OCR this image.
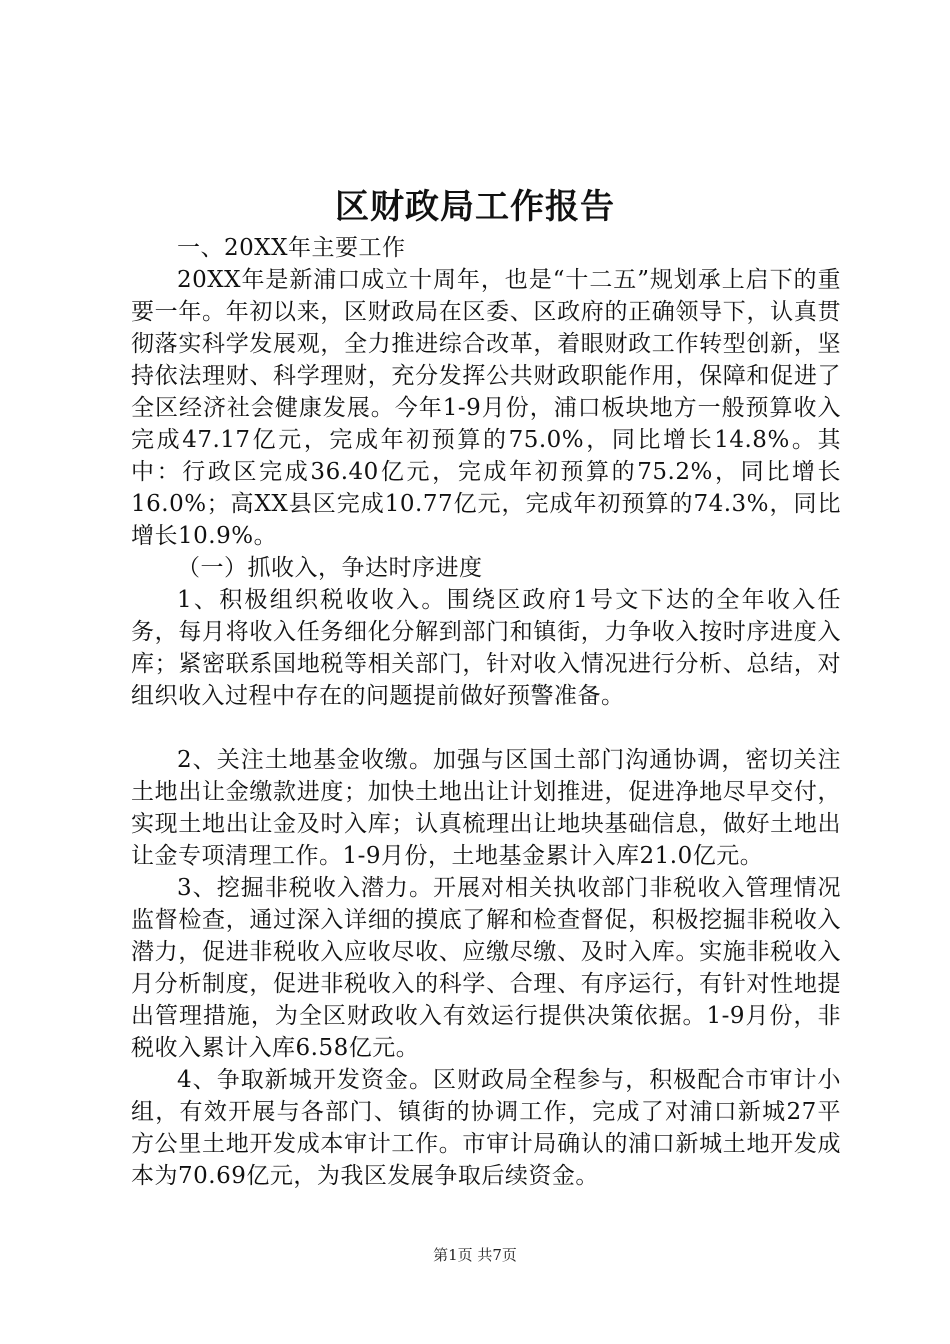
区财政局工作报告

一、20XX年主要工作

20XX年是新浦口成立十周年，也是“十二五”规划承上启下的重要一年。年初以来，区财政局在区委、区政府的正确领导下，认真贯彻落实科学发展观，全力推进综合改革，着眼财政工作转型创新，坚持依法理财、科学理财，充分发挥公共财政职能作用，保障和促进了全区经济社会健康发展。今年1-9月份，浦口板块地方一般预算收入完成47.17亿元，完成年初预算的75.0%，同比增长14.8%。其中：行政区完成36.40亿元，完成年初预算的75.2%，同比增长16.0%；高XX县区完成10.77亿元，完成年初预算的74.3%，同比增长10.9%。

（一）抓收入，争达时序进度

1、积极组织税收收入。围绕区政府1号文下达的全年收入任务，每月将收入任务细化分解到部门和镇街，力争收入按时序进度入库；紧密联系国地税等相关部门，针对收入情况进行分析、总结，对组织收入过程中存在的问题提前做好预警准备。

2、关注土地基金收缴。加强与区国土部门沟通协调，密切关注土地出让金缴款进度；加快土地出让计划推进，促进净地尽早交付，实现土地出让金及时入库；认真梳理出让地块基础信息，做好土地出让金专项清理工作。1-9月份，土地基金累计入库21.0亿元。

3、挖掘非税收入潜力。开展对相关执收部门非税收入管理情况监督检查，通过深入详细的摸底了解和检查督促，积极挖掘非税收入潜力，促进非税收入应收尽收、应缴尽缴、及时入库。实施非税收入月分析制度，促进非税收入的科学、合理、有序运行，有针对性地提出管理措施，为全区财政收入有效运行提供决策依据。1-9月份，非税收入累计入库6.58亿元。

4、争取新城开发资金。区财政局全程参与，积极配合市审计小组，有效开展与各部门、镇街的协调工作，完成了对浦口新城27平方公里土地开发成本审计工作。市审计局确认的浦口新城土地开发成本为70.69亿元，为我区发展争取后续资金。

第1页 共7页
